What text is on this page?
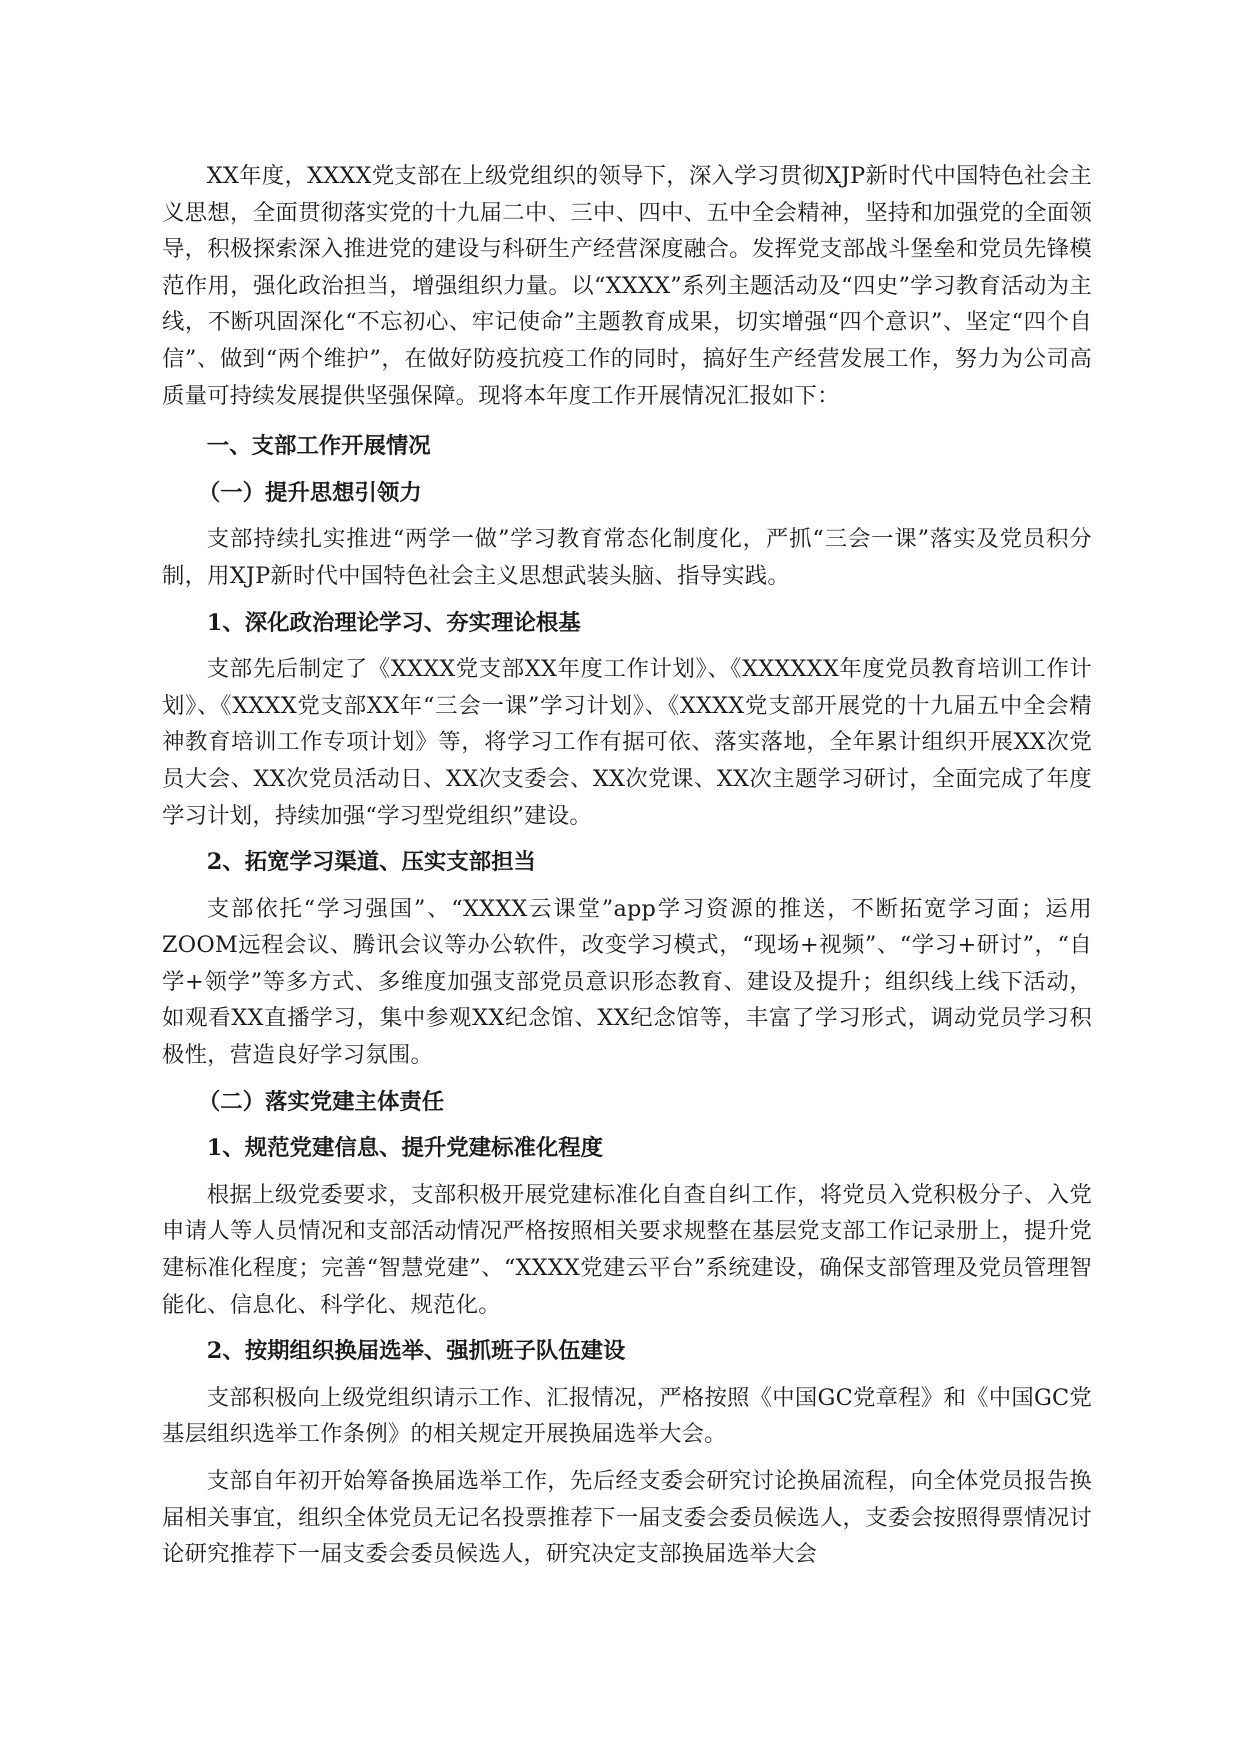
XX年度，XXXX党支部在上级党组织的领导下，深入学习贯彻XJP新时代中国特色社会主义思想，全面贯彻落实党的十九届二中、三中、四中、五中全会精神，坚持和加强党的全面领导，积极探索深入推进党的建设与科研生产经营深度融合。发挥党支部战斗堡垒和党员先锋模范作用，强化政治担当，增强组织力量。以“XXXX”系列主题活动及“四史”学习教育活动为主线，不断巩固深化“不忘初心、牢记使命”主题教育成果，切实增强“四个意识”、坚定“四个自信”、做到“两个维护”，在做好防疫抗疫工作的同时，搞好生产经营发展工作，努力为公司高质量可持续发展提供坚强保障。现将本年度工作开展情况汇报如下：

一、支部工作开展情况

（一）提升思想引领力

支部持续扎实推进“两学一做”学习教育常态化制度化，严抓“三会一课”落实及党员积分制，用XJP新时代中国特色社会主义思想武装头脑、指导实践。

1、深化政治理论学习、夯实理论根基

支部先后制定了《XXXX党支部XX年度工作计划》、《XXXXXX年度党员教育培训工作计划》、《XXXX党支部XX年“三会一课”学习计划》、《XXXX党支部开展党的十九届五中全会精神教育培训工作专项计划》等，将学习工作有据可依、落实落地，全年累计组织开展XX次党员大会、XX次党员活动日、XX次支委会、XX次党课、XX次主题学习研讨，全面完成了年度学习计划，持续加强“学习型党组织”建设。

2、拓宽学习渠道、压实支部担当

支部依托“学习强国”、“XXXX云课堂”app学习资源的推送，不断拓宽学习面；运用ZOOM远程会议、腾讯会议等办公软件，改变学习模式，“现场+视频”、“学习+研讨”，“自学+领学”等多方式、多维度加强支部党员意识形态教育、建设及提升；组织线上线下活动，如观看XX直播学习，集中参观XX纪念馆、XX纪念馆等，丰富了学习形式，调动党员学习积极性，营造良好学习氛围。

（二）落实党建主体责任

1、规范党建信息、提升党建标准化程度

根据上级党委要求，支部积极开展党建标准化自查自纠工作，将党员入党积极分子、入党申请人等人员情况和支部活动情况严格按照相关要求规整在基层党支部工作记录册上，提升党建标准化程度；完善“智慧党建”、“XXXX党建云平台”系统建设，确保支部管理及党员管理智能化、信息化、科学化、规范化。

2、按期组织换届选举、强抓班子队伍建设

支部积极向上级党组织请示工作、汇报情况，严格按照《中国GC党章程》和《中国GC党基层组织选举工作条例》的相关规定开展换届选举大会。

支部自年初开始筹备换届选举工作，先后经支委会研究讨论换届流程，向全体党员报告换届相关事宜，组织全体党员无记名投票推荐下一届支委会委员候选人，支委会按照得票情况讨论研究推荐下一届支委会委员候选人，研究决定支部换届选举大会
